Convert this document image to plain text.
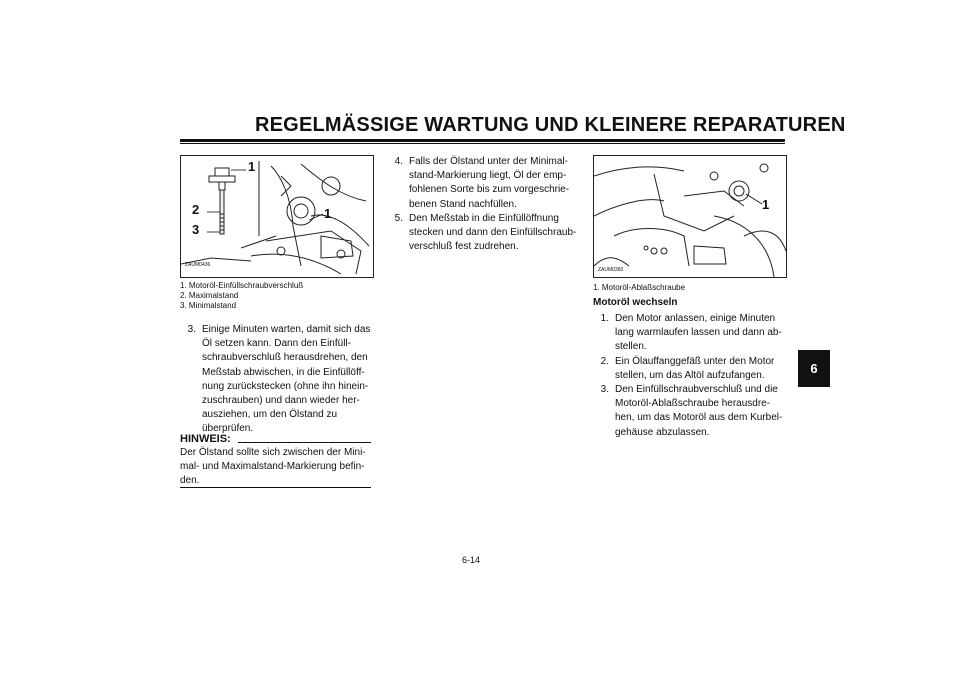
REGELMÄSSIGE WARTUNG UND KLEINERE REPARATUREN
6
1
2
3
1
ZAUM0436
1. Motoröl-Einfüllschraubverschluß
2. Maximalstand
3. Minimalstand
3. Einige Minuten warten, damit sich das Öl setzen kann. Dann den Einfüll-schraubverschluß herausdrehen, den Meßstab abwischen, in die Einfüllöff-nung zurückstecken (ohne ihn hinein-zuschrauben) und dann wieder her-ausziehen, um den Ölstand zu überprüfen.
HINWEIS:
Der Ölstand sollte sich zwischen der Mini-mal- und Maximalstand-Markierung befin-den.
4. Falls der Ölstand unter der Minimal-stand-Markierung liegt, Öl der emp-fohlenen Sorte bis zum vorgeschrie-benen Stand nachfüllen.
5. Den Meßstab in die Einfüllöffnung stecken und dann den Einfüllschraub-verschluß fest zudrehen.
1
ZAUM0360
1. Motoröl-Ablaßschraube
Motoröl wechseln
1. Den Motor anlassen, einige Minuten lang warmlaufen lassen und dann ab-stellen.
2. Ein Ölauffanggefäß unter den Motor stellen, um das Altöl aufzufangen.
3. Den Einfüllschraubverschluß und die Motoröl-Ablaßschraube herausdre-hen, um das Motoröl aus dem Kurbel-gehäuse abzulassen.
6-14
